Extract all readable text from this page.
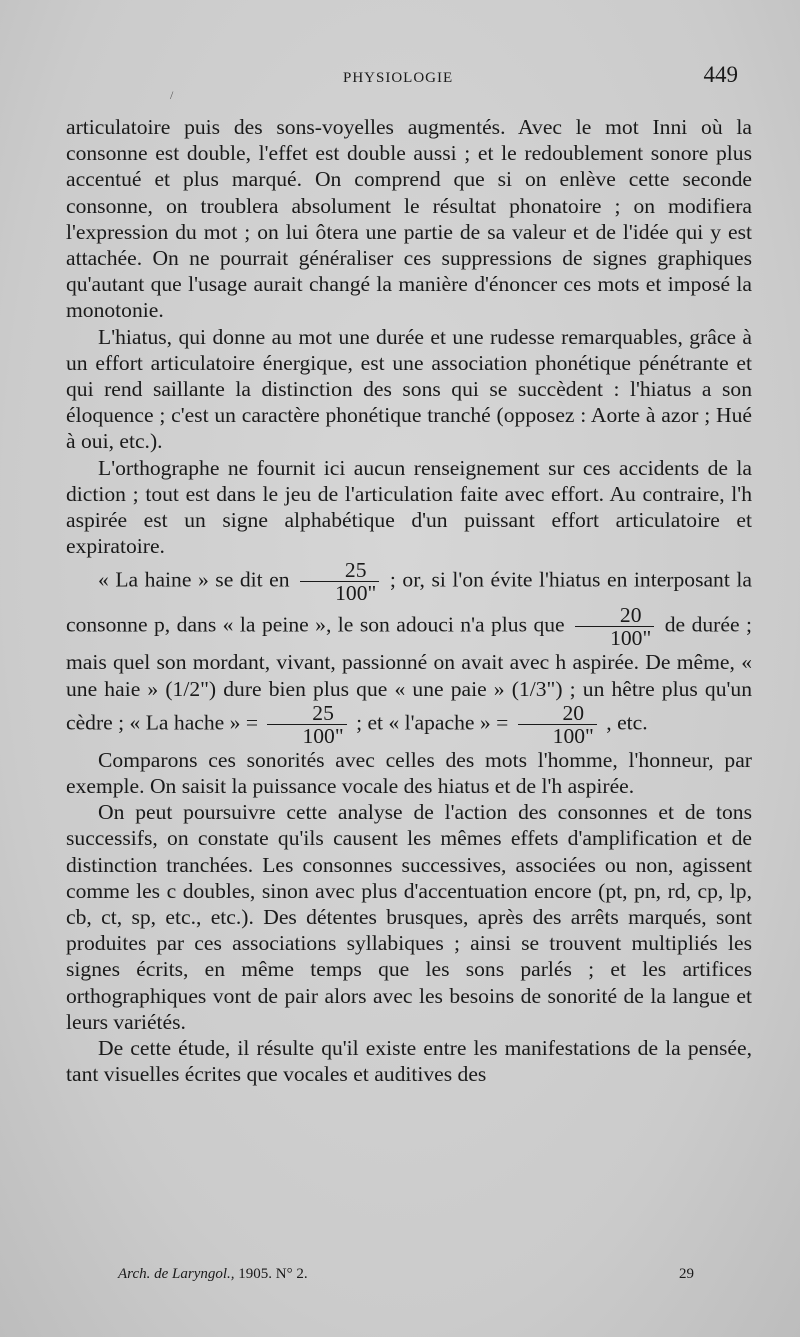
/
PHYSIOLOGIE	449

articulatoire puis des sons-voyelles augmentés. Avec le mot Inni où la consonne est double, l'effet est double aussi ; et le redoublement sonore plus accentué et plus marqué. On comprend que si on enlève cette seconde consonne, on troublera absolument le résultat phonatoire ; on modifiera l'expression du mot ; on lui ôtera une partie de sa valeur et de l'idée qui y est attachée. On ne pourrait généraliser ces suppressions de signes graphiques qu'autant que l'usage aurait changé la manière d'énoncer ces mots et imposé la monotonie.

L'hiatus, qui donne au mot une durée et une rudesse remarquables, grâce à un effort articulatoire énergique, est une association phonétique pénétrante et qui rend saillante la distinction des sons qui se succèdent : l'hiatus a son éloquence ; c'est un caractère phonétique tranché (opposez : Aorte à azor ; Hué à oui, etc.).

L'orthographe ne fournit ici aucun renseignement sur ces accidents de la diction ; tout est dans le jeu de l'articulation faite avec effort. Au contraire, l'h aspirée est un signe alphabétique d'un puissant effort articulatoire et expiratoire.

« La haine » se dit en $\frac{25}{100"}$ ; or, si l'on évite l'hiatus en interposant la consonne p, dans « la peine », le son adouci n'a plus que $\frac{20}{100"}$ de durée ; mais quel son mordant, vivant, passionné on avait avec h aspirée. De même, « une haie » (1/2") dure bien plus que « une paie » (1/3") ; un hêtre plus qu'un cèdre ; « La hache » = $\frac{25}{100"}$ ; et « l'apache » = $\frac{20}{100"}$ , etc.

Comparons ces sonorités avec celles des mots l'homme, l'honneur, par exemple. On saisit la puissance vocale des hiatus et de l'h aspirée.

On peut poursuivre cette analyse de l'action des consonnes et de tons successifs, on constate qu'ils causent les mêmes effets d'amplification et de distinction tranchées. Les consonnes successives, associées ou non, agissent comme les c doubles, sinon avec plus d'accentuation encore (pt, pn, rd, cp, lp, cb, ct, sp, etc., etc.). Des détentes brusques, après des arrêts marqués, sont produites par ces associations syllabiques ; ainsi se trouvent multipliés les signes écrits, en même temps que les sons parlés ; et les artifices orthographiques vont de pair alors avec les besoins de sonorité de la langue et leurs variétés.

De cette étude, il résulte qu'il existe entre les manifestations de la pensée, tant visuelles écrites que vocales et auditives des

Arch. de Laryngol., 1905. N° 2.	29
